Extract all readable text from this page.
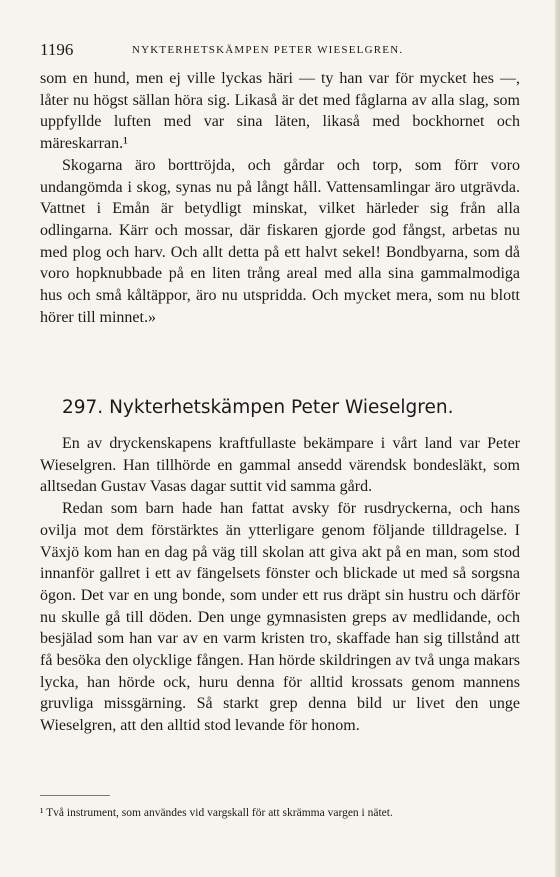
1196	NYKTERHETSKÄMPEN PETER WIESELGREN.

som en hund, men ej ville lyckas häri — ty han var för mycket hes —, låter nu högst sällan höra sig. Likaså är det med fåglarna av alla slag, som uppfyllde luften med var sina läten, likaså med bockhornet och märeskarran.¹

Skogarna äro borttröjda, och gårdar och torp, som förr voro undangömda i skog, synas nu på långt håll. Vattensamlingar äro utgrävda. Vattnet i Emån är betydligt minskat, vilket härleder sig från alla odlingarna. Kärr och mossar, där fiskaren gjorde god fångst, arbetas nu med plog och harv. Och allt detta på ett halvt sekel! Bondbyarna, som då voro hopknubbade på en liten trång areal med alla sina gammalmodiga hus och små kåltäppor, äro nu utspridda. Och mycket mera, som nu blott hörer till minnet.»

297. Nykterhetskämpen Peter Wieselgren.

En av dryckenskapens kraftfullaste bekämpare i vårt land var Peter Wieselgren. Han tillhörde en gammal ansedd värendsk bondesläkt, som alltsedan Gustav Vasas dagar suttit vid samma gård.

Redan som barn hade han fattat avsky för rusdryckerna, och hans ovilja mot dem förstärktes än ytterligare genom följande tilldragelse. I Växjö kom han en dag på väg till skolan att giva akt på en man, som stod innanför gallret i ett av fängelsets fönster och blickade ut med så sorgsna ögon. Det var en ung bonde, som under ett rus dräpt sin hustru och därför nu skulle gå till döden. Den unge gymnasisten greps av medlidande, och besjälad som han var av en varm kristen tro, skaffade han sig tillstånd att få besöka den olycklige fången. Han hörde skildringen av två unga makars lycka, han hörde ock, huru denna för alltid krossats genom mannens gruvliga missgärning. Så starkt grep denna bild ur livet den unge Wieselgren, att den alltid stod levande för honom.

¹ Två instrument, som användes vid vargskall för att skrämma vargen i nätet.
